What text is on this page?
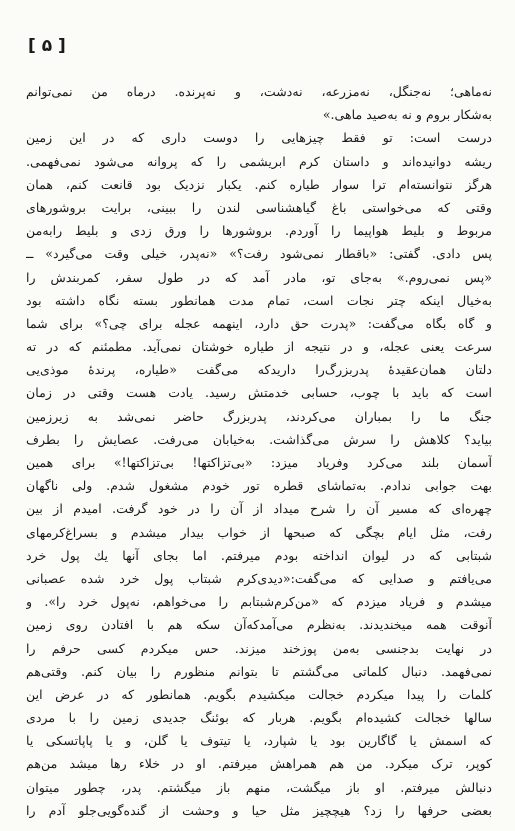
[ ۵ ]
نه‌ماهی؛ نه‌جنگل، نه‌مزرعه، نه‌دشت، و نه‌پرنده. درماه من نمی‌توانم
به‌شکار بروم و نه به‌صید ماهی.»
درست است: تو فقط چیزهایی را دوست داری که در این زمین
ریشه دوانیده‌اند و داستان کرم ابریشمی را که پروانه می‌شود نمی‌فهمی.
هرگز نتوانسته‌ام ترا سوار طیاره کنم. یکبار نزدیک بود قانعت کنم، همان
وقتی که می‌خواستی باغ گیاهشناسی لندن را ببینی، برایت بروشورهای
مربوط و بلیط هواپیما را آوردم. بروشورها را ورق زدی و بلیط رابه‌من
پس دادی. گفتی: «باقطار نمی‌شود رفت؟» «نه‌پدر، خیلی وقت می‌گیرد» ــ
«پس نمی‌روم.» به‌جای تو، مادر آمد که در طول سفر، کمربندش را
به‌خیال اینکه چتر نجات است، تمام مدت همانطور بسته نگاه داشته بود
و گاه بگاه می‌گفت: «پدرت حق دارد، اینهمه عجله برای چی؟» برای شما
سرعت یعنی عجله، و در نتیجه از طیاره خوشتان نمی‌آید. مطمئنم که در ته
دلتان همان‌عقیدهٔ پدربزرگ‌را دارید‌که می‌گفت «طیاره، پرندهٔ موذی‌یی
است که باید با چوب، حسابی خدمتش رسید. یادت هست وقتی در زمان
جنگ ما را بمباران می‌کردند، پدربزرگ حاضر نمی‌شد به زیرزمین
بیاید؟ کلاهش را سرش می‌گذاشت. به‌خیابان می‌رفت. عصایش را بطرف
آسمان بلند می‌کرد وفریاد میزد: «بی‌تزاکتها! بی‌تزاکتها!» برای همین
بهت جوابی ندادم. به‌تماشای قطره تور خودم مشغول شدم. ولی ناگهان
چهره‌ای که مسیر آن را شرح میداد از آن را در خود گرفت. امیدم از بین
رفت، مثل ایام بچگی که صبحها از خواب بیدار میشدم و بسراغ‌کرمهای
شبتابی که در لیوان انداخته بودم میرفتم. اما بجای آنها یك پول خرد
می‌یافتم و صدایی که می‌گفت:«دیدی‌کرم شبتاب پول خرد شده عصبانی
میشدم و فریاد میزدم که «من‌کرم‌شبتابم را می‌خواهم، نه‌پول خرد را». و
آنوقت همه میخندیدند. به‌نظرم می‌آمدکه‌آن سکه هم با افتادن روی زمین
در نهایت بدجنسی به‌من پوزخند میزند. حس میکردم کسی حرفم را
نمی‌فهمد. دنبال کلماتی می‌گشتم تا بتوانم منظورم را بیان کنم. وقتی‌هم
کلمات را پیدا میکردم خجالت میکشیدم بگویم. همانطور که در عرض این
سالها خجالت کشیده‌ام بگویم. هربار که بوئنگ جدیدی زمین را با مردی
که اسمش یا گاگارین بود یا شپارد، یا تیتوف یا گلن، و یا پاپاتسکی یا
کوپر، ترک میکرد. من هم همراهش میرفتم. او در خلاء رها میشد من‌هم
دنبالش میرفتم. او باز میگشت، منهم باز میگشتم. پدر، چطور میتوان
بعضی حرفها را زد؟ هیچچیز مثل حیا و وحشت از گنده‌گویی‌جلو آدم را
